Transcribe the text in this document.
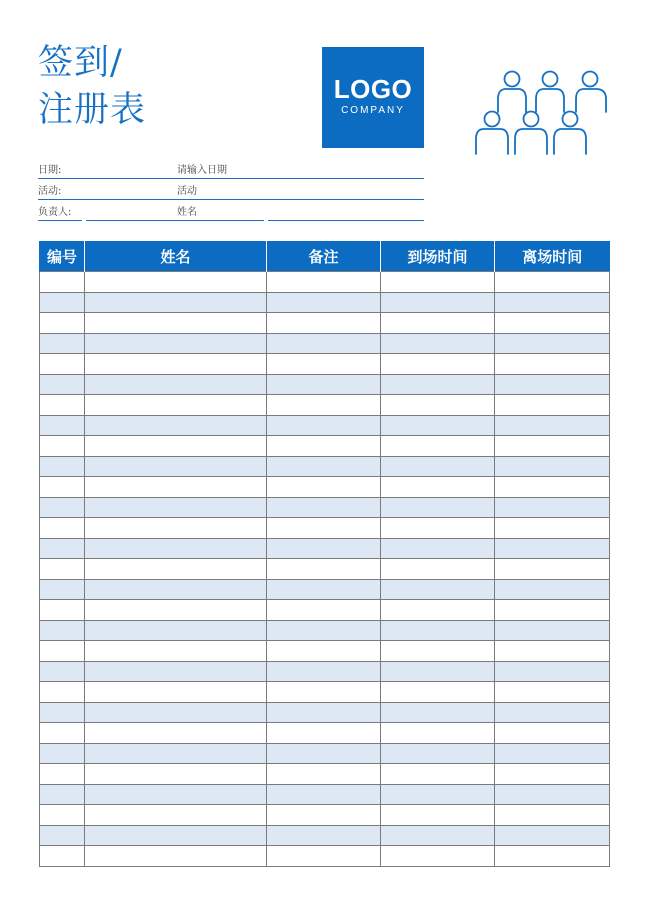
签到/
注册表
LOGO
COMPANY
日期:	请输入日期
活动:	活动
负责人:	姓名
编号	姓名	备注	到场时间	离场时间
